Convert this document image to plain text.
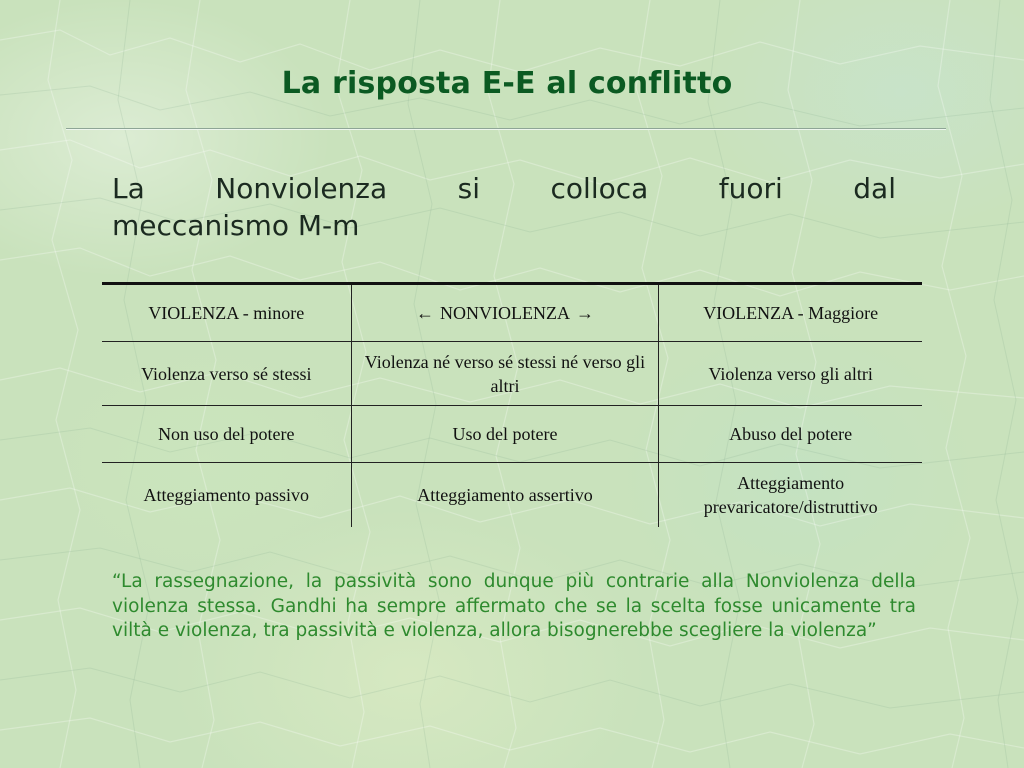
La risposta E-E al conflitto
La Nonviolenza si colloca fuori dal
meccanismo M-m
VIOLENZA - minore	← NONVIOLENZA →	VIOLENZA - Maggiore
Violenza verso sé stessi	Violenza né verso sé stessi né verso gli altri	Violenza verso gli altri
Non uso del potere	Uso del potere	Abuso del potere
Atteggiamento passivo	Atteggiamento assertivo	Atteggiamento prevaricatore/distruttivo
“La rassegnazione, la passività sono dunque più contrarie alla Nonviolenza della violenza stessa. Gandhi ha sempre affermato che se la scelta fosse unicamente tra viltà e violenza, tra passività e violenza, allora bisognerebbe scegliere la violenza”
